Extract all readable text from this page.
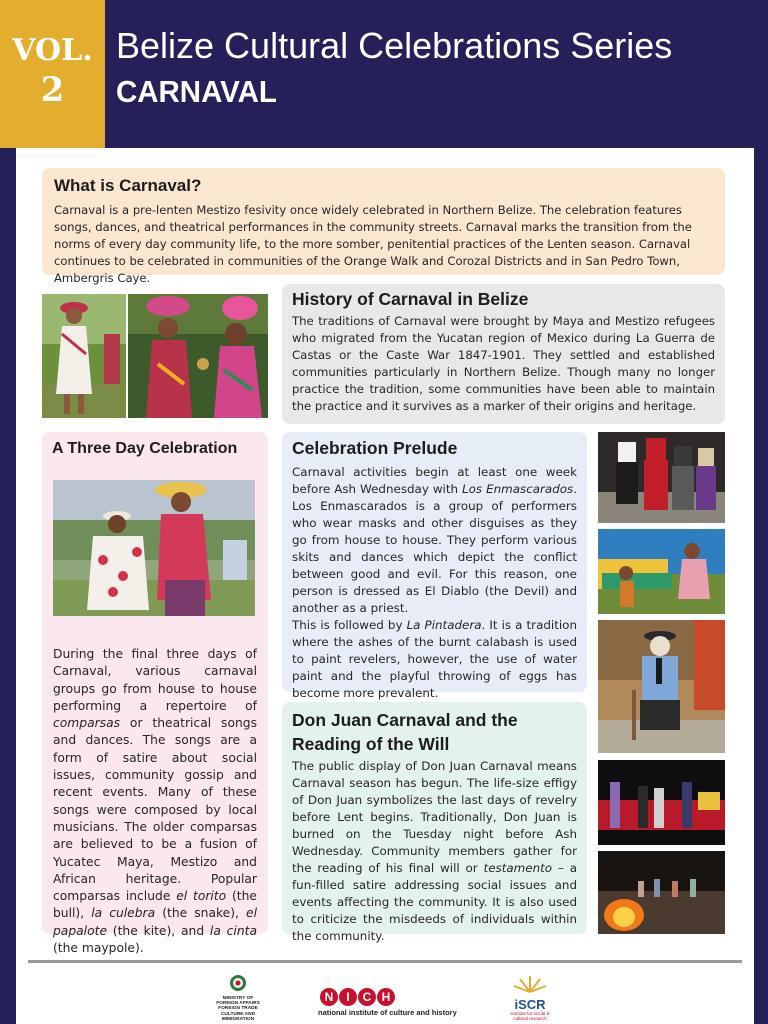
VOL.
2
Belize Cultural Celebrations Series
CARNAVAL
What is Carnaval?
Carnaval is a pre-lenten Mestizo fesivity once widely celebrated in Northern Belize. The celebration features songs, dances, and theatrical performances in the community streets. Carnaval marks the transition from the norms of every day community life, to the more somber, penitential practices of the Lenten season. Carnaval continues to be celebrated in communities of the Orange Walk and Corozal Districts and in San Pedro Town, Ambergris Caye.
History of Carnaval in Belize
The traditions of Carnaval were brought by Maya and Mestizo refugees who migrated from the Yucatan region of Mexico during La Guerra de Castas or the Caste War 1847-1901. They settled and established communities particularly in Northern Belize. Though many no longer practice the tradition, some communities have been able to maintain the practice and it survives as a marker of their origins and heritage.
A Three Day Celebration
During the final three days of Carnaval, various carnaval groups go from house to house performing a repertoire of comparsas or theatrical songs and dances. The songs are a form of satire about social issues, community gossip and recent events. Many of these songs were composed by local musicians. The older comparsas are believed to be a fusion of Yucatec Maya, Mestizo and African heritage. Popular comparsas include el torito (the bull), la culebra (the snake), el papalote (the kite), and la cinta (the maypole).
Celebration Prelude
Carnaval activities begin at least one week before Ash Wednesday with Los Enmascarados. Los Enmascarados is a group of performers who wear masks and other disguises as they go from house to house. They perform various skits and dances which depict the conflict between good and evil. For this reason, one person is dressed as El Diablo (the Devil) and another as a priest.
This is followed by La Pintadera. It is a tradition where the ashes of the burnt calabash is used to paint revelers, however, the use of water paint and the playful throwing of eggs has become more prevalent.
Don Juan Carnaval and the Reading of the Will
The public display of Don Juan Carnaval means Carnaval season has begun. The life-size effigy of Don Juan symbolizes the last days of revelry before Lent begins. Traditionally, Don Juan is burned on the Tuesday night before Ash Wednesday. Community members gather for the reading of his final will or testamento – a fun-filled satire addressing social issues and events affecting the community. It is also used to criticize the misdeeds of individuals within the community.
MINISTRY OF FOREIGN AFFAIRS FOREIGN TRADE CULTURE AND IMMIGRATION
N	I	C H
national institute of culture and history
iSCR
institute for social & cultural research
